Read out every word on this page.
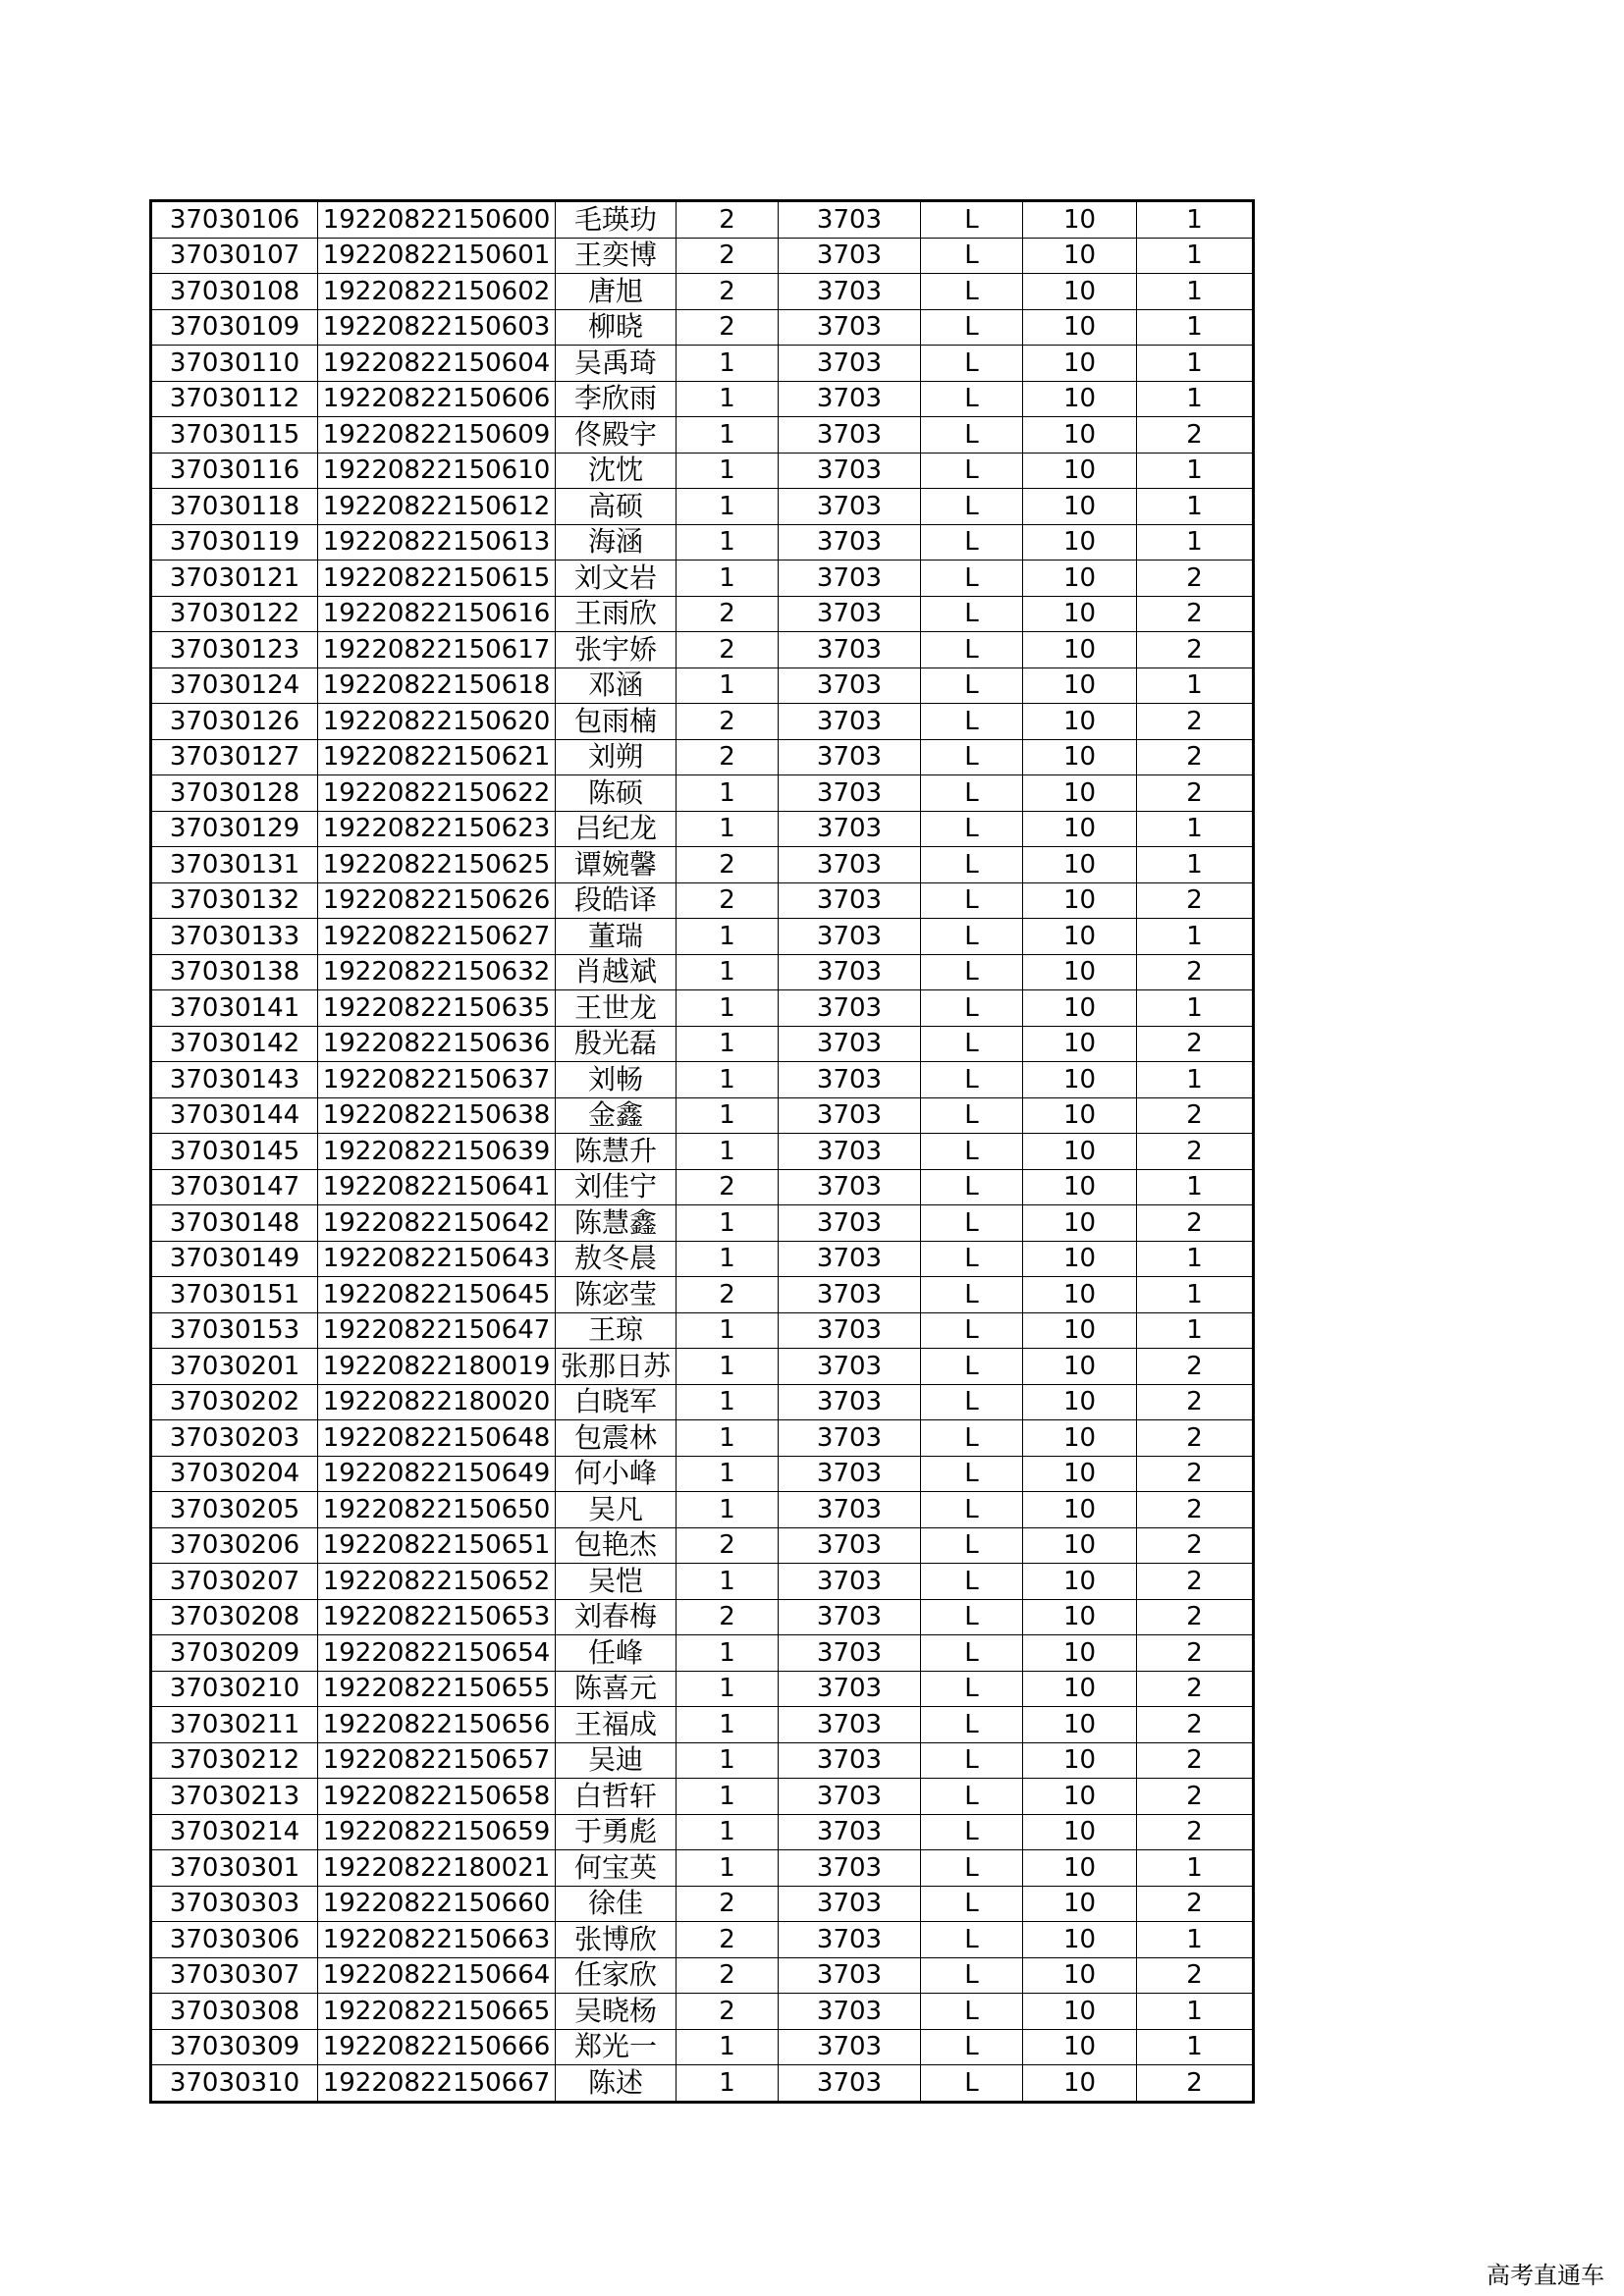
37030106	19220822150600	毛瑛玏	2	3703	L	10	1
37030107	19220822150601	王奕博	2	3703	L	10	1
37030108	19220822150602	唐旭	2	3703	L	10	1
37030109	19220822150603	柳晓	2	3703	L	10	1
37030110	19220822150604	吴禹琦	1	3703	L	10	1
37030112	19220822150606	李欣雨	1	3703	L	10	1
37030115	19220822150609	佟殿宇	1	3703	L	10	2
37030116	19220822150610	沈忱	1	3703	L	10	1
37030118	19220822150612	高硕	1	3703	L	10	1
37030119	19220822150613	海涵	1	3703	L	10	1
37030121	19220822150615	刘文岩	1	3703	L	10	2
37030122	19220822150616	王雨欣	2	3703	L	10	2
37030123	19220822150617	张宇娇	2	3703	L	10	2
37030124	19220822150618	邓涵	1	3703	L	10	1
37030126	19220822150620	包雨楠	2	3703	L	10	2
37030127	19220822150621	刘朔	2	3703	L	10	2
37030128	19220822150622	陈硕	1	3703	L	10	2
37030129	19220822150623	吕纪龙	1	3703	L	10	1
37030131	19220822150625	谭婉馨	2	3703	L	10	1
37030132	19220822150626	段皓译	2	3703	L	10	2
37030133	19220822150627	董瑞	1	3703	L	10	1
37030138	19220822150632	肖越斌	1	3703	L	10	2
37030141	19220822150635	王世龙	1	3703	L	10	1
37030142	19220822150636	殷光磊	1	3703	L	10	2
37030143	19220822150637	刘畅	1	3703	L	10	1
37030144	19220822150638	金鑫	1	3703	L	10	2
37030145	19220822150639	陈慧升	1	3703	L	10	2
37030147	19220822150641	刘佳宁	2	3703	L	10	1
37030148	19220822150642	陈慧鑫	1	3703	L	10	2
37030149	19220822150643	敖冬晨	1	3703	L	10	1
37030151	19220822150645	陈宓莹	2	3703	L	10	1
37030153	19220822150647	王琼	1	3703	L	10	1
37030201	19220822180019	张那日苏	1	3703	L	10	2
37030202	19220822180020	白晓军	1	3703	L	10	2
37030203	19220822150648	包震林	1	3703	L	10	2
37030204	19220822150649	何小峰	1	3703	L	10	2
37030205	19220822150650	吴凡	1	3703	L	10	2
37030206	19220822150651	包艳杰	2	3703	L	10	2
37030207	19220822150652	吴恺	1	3703	L	10	2
37030208	19220822150653	刘春梅	2	3703	L	10	2
37030209	19220822150654	任峰	1	3703	L	10	2
37030210	19220822150655	陈喜元	1	3703	L	10	2
37030211	19220822150656	王福成	1	3703	L	10	2
37030212	19220822150657	吴迪	1	3703	L	10	2
37030213	19220822150658	白哲轩	1	3703	L	10	2
37030214	19220822150659	于勇彪	1	3703	L	10	2
37030301	19220822180021	何宝英	1	3703	L	10	1
37030303	19220822150660	徐佳	2	3703	L	10	2
37030306	19220822150663	张博欣	2	3703	L	10	1
37030307	19220822150664	任家欣	2	3703	L	10	2
37030308	19220822150665	吴晓杨	2	3703	L	10	1
37030309	19220822150666	郑光一	1	3703	L	10	1
37030310	19220822150667	陈述	1	3703	L	10	2
高考直通车
